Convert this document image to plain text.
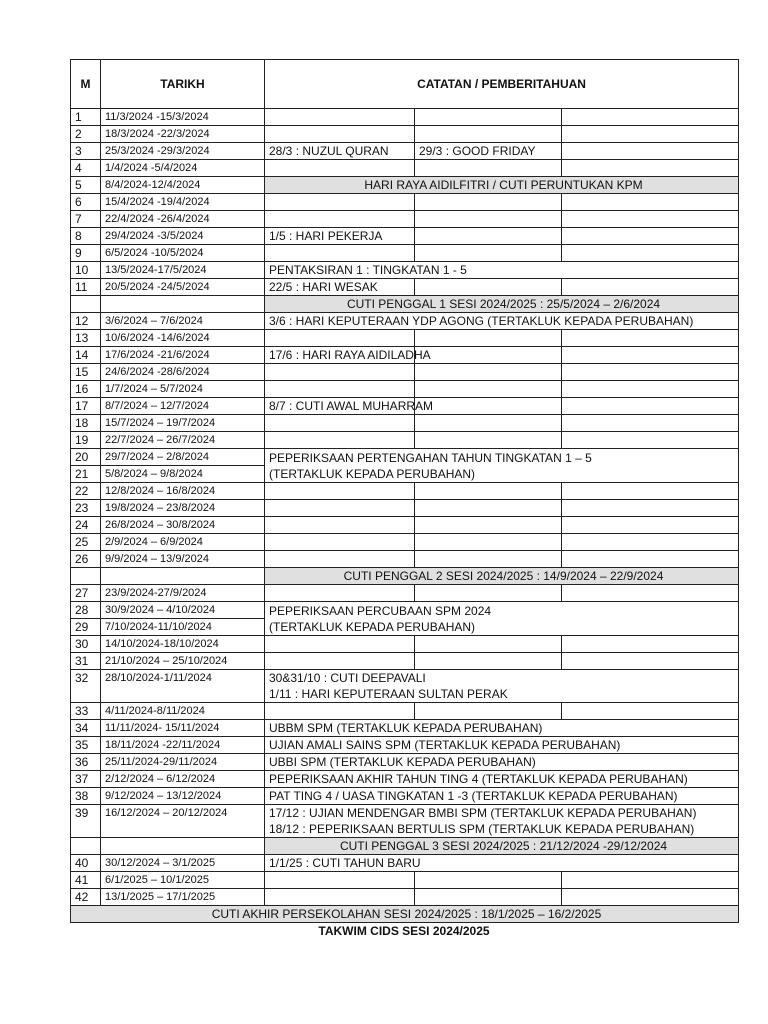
M	TARIKH	CATATAN / PEMBERITAHUAN		
1	11/3/2024 -15/3/2024			
2	18/3/2024 -22/3/2024			
3	25/3/2024 -29/3/2024	28/3 : NUZUL QURAN	29/3 : GOOD FRIDAY	
4	1/4/2024 -5/4/2024			
5	8/4/2024-12/4/2024	HARI RAYA AIDILFITRI / CUTI PERUNTUKAN KPM		
6	15/4/2024 -19/4/2024			
7	22/4/2024 -26/4/2024			
8	29/4/2024 -3/5/2024	1/5 : HARI PEKERJA		
9	6/5/2024 -10/5/2024			
10	13/5/2024-17/5/2024	PENTAKSIRAN 1 : TINGKATAN 1 - 5		
11	20/5/2024 -24/5/2024	22/5 : HARI WESAK		
		CUTI PENGGAL 1 SESI 2024/2025 : 25/5/2024 – 2/6/2024		
12	3/6/2024 – 7/6/2024	3/6 : HARI KEPUTERAAN YDP AGONG (TERTAKLUK KEPADA PERUBAHAN)		
13	10/6/2024 -14/6/2024			
14	17/6/2024 -21/6/2024	17/6 : HARI RAYA AIDILADHA		
15	24/6/2024 -28/6/2024			
16	1/7/2024 – 5/7/2024			
17	8/7/2024 – 12/7/2024	8/7 : CUTI AWAL MUHARRAM		
18	15/7/2024 – 19/7/2024			
19	22/7/2024 – 26/7/2024			
20	29/7/2024 – 2/8/2024	PEPERIKSAAN PERTENGAHAN TAHUN TINGKATAN 1 – 5
(TERTAKLUK KEPADA PERUBAHAN)		

21	5/8/2024 – 9/8/2024			
22	12/8/2024 – 16/8/2024			
23	19/8/2024 – 23/8/2024			
24	26/8/2024 – 30/8/2024			
25	2/9/2024 – 6/9/2024			
26	9/9/2024 – 13/9/2024			
		CUTI PENGGAL 2 SESI 2024/2025 : 14/9/2024 – 22/9/2024		
27	23/9/2024-27/9/2024			
28	30/9/2024 – 4/10/2024	PEPERIKSAAN PERCUBAAN SPM 2024
(TERTAKLUK KEPADA PERUBAHAN)		

29	7/10/2024-11/10/2024			
30	14/10/2024-18/10/2024			
31	21/10/2024 – 25/10/2024			
32	28/10/2024-1/11/2024	30&31/10 : CUTI DEEPAVALI
1/11 : HARI KEPUTERAAN SULTAN PERAK		

33	4/11/2024-8/11/2024			
34	11/11/2024- 15/11/2024	UBBM SPM (TERTAKLUK KEPADA PERUBAHAN)		
35	18/11/2024 -22/11/2024	UJIAN AMALI SAINS SPM (TERTAKLUK KEPADA PERUBAHAN)		
36	25/11/2024-29/11/2024	UBBI SPM (TERTAKLUK KEPADA PERUBAHAN)		
37	2/12/2024 – 6/12/2024	PEPERIKSAAN AKHIR TAHUN TING 4 (TERTAKLUK KEPADA PERUBAHAN)		
38	9/12/2024 – 13/12/2024	PAT TING 4 / UASA TINGKATAN 1 -3 (TERTAKLUK KEPADA PERUBAHAN)		
39	16/12/2024 – 20/12/2024	17/12 : UJIAN MENDENGAR BMBI SPM (TERTAKLUK KEPADA PERUBAHAN)
18/12 : PEPERIKSAAN BERTULIS SPM (TERTAKLUK KEPADA PERUBAHAN)		

		CUTI PENGGAL 3 SESI 2024/2025 : 21/12/2024 -29/12/2024		
40	30/12/2024 – 3/1/2025	1/1/25 : CUTI TAHUN BARU		
41	6/1/2025 – 10/1/2025			
42	13/1/2025 – 17/1/2025			
CUTI AKHIR PERSEKOLAHAN SESI 2024/2025 : 18/1/2025 – 16/2/2025				
TAKWIM CIDS SESI 2024/2025
